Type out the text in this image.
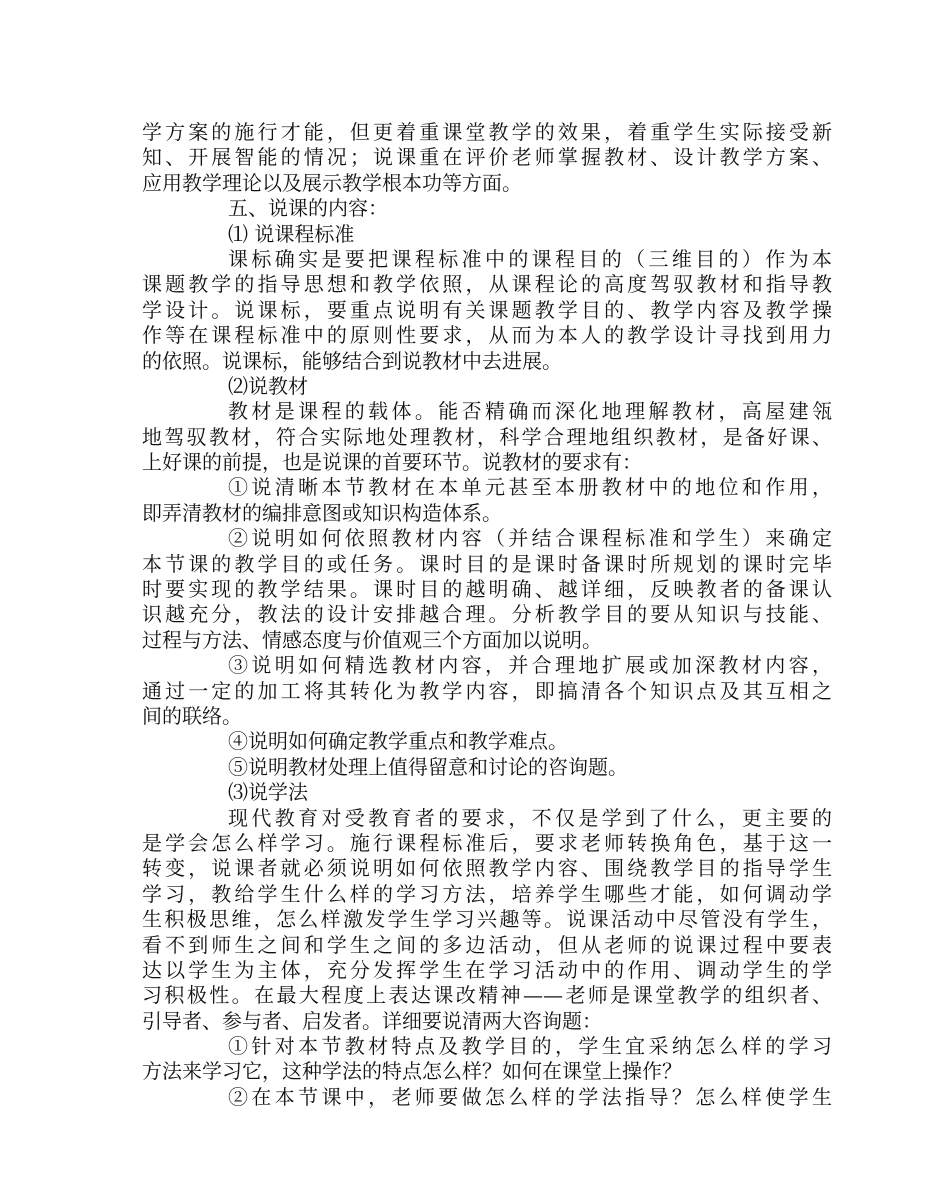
学方案的施行才能，但更着重课堂教学的效果，着重学生实际接受新
知、开展智能的情况；说课重在评价老师掌握教材、设计教学方案、
应用教学理论以及展示教学根本功等方面。
五、说课的内容：
⑴ 说课程标准
课标确实是要把课程标准中的课程目的（三维目的）作为本
课题教学的指导思想和教学依照，从课程论的高度驾驭教材和指导教
学设计。说课标，要重点说明有关课题教学目的、教学内容及教学操
作等在课程标准中的原则性要求，从而为本人的教学设计寻找到用力
的依照。说课标，能够结合到说教材中去进展。
⑵说教材
教材是课程的载体。能否精确而深化地理解教材，高屋建瓴
地驾驭教材，符合实际地处理教材，科学合理地组织教材，是备好课、
上好课的前提，也是说课的首要环节。说教材的要求有：
①说清晰本节教材在本单元甚至本册教材中的地位和作用，
即弄清教材的编排意图或知识构造体系。
②说明如何依照教材内容（并结合课程标准和学生）来确定
本节课的教学目的或任务。课时目的是课时备课时所规划的课时完毕
时要实现的教学结果。课时目的越明确、越详细，反映教者的备课认
识越充分，教法的设计安排越合理。分析教学目的要从知识与技能、
过程与方法、情感态度与价值观三个方面加以说明。
③说明如何精选教材内容，并合理地扩展或加深教材内容，
通过一定的加工将其转化为教学内容，即搞清各个知识点及其互相之
间的联络。
④说明如何确定教学重点和教学难点。
⑤说明教材处理上值得留意和讨论的咨询题。
⑶说学法
现代教育对受教育者的要求，不仅是学到了什么，更主要的
是学会怎么样学习。施行课程标准后，要求老师转换角色，基于这一
转变，说课者就必须说明如何依照教学内容、围绕教学目的指导学生
学习，教给学生什么样的学习方法，培养学生哪些才能，如何调动学
生积极思维，怎么样激发学生学习兴趣等。说课活动中尽管没有学生，
看不到师生之间和学生之间的多边活动，但从老师的说课过程中要表
达以学生为主体，充分发挥学生在学习活动中的作用、调动学生的学
习积极性。在最大程度上表达课改精神——老师是课堂教学的组织者、
引导者、参与者、启发者。详细要说清两大咨询题：
①针对本节教材特点及教学目的，学生宜采纳怎么样的学习
方法来学习它，这种学法的特点怎么样？如何在课堂上操作？
②在本节课中，老师要做怎么样的学法指导？怎么样使学生
